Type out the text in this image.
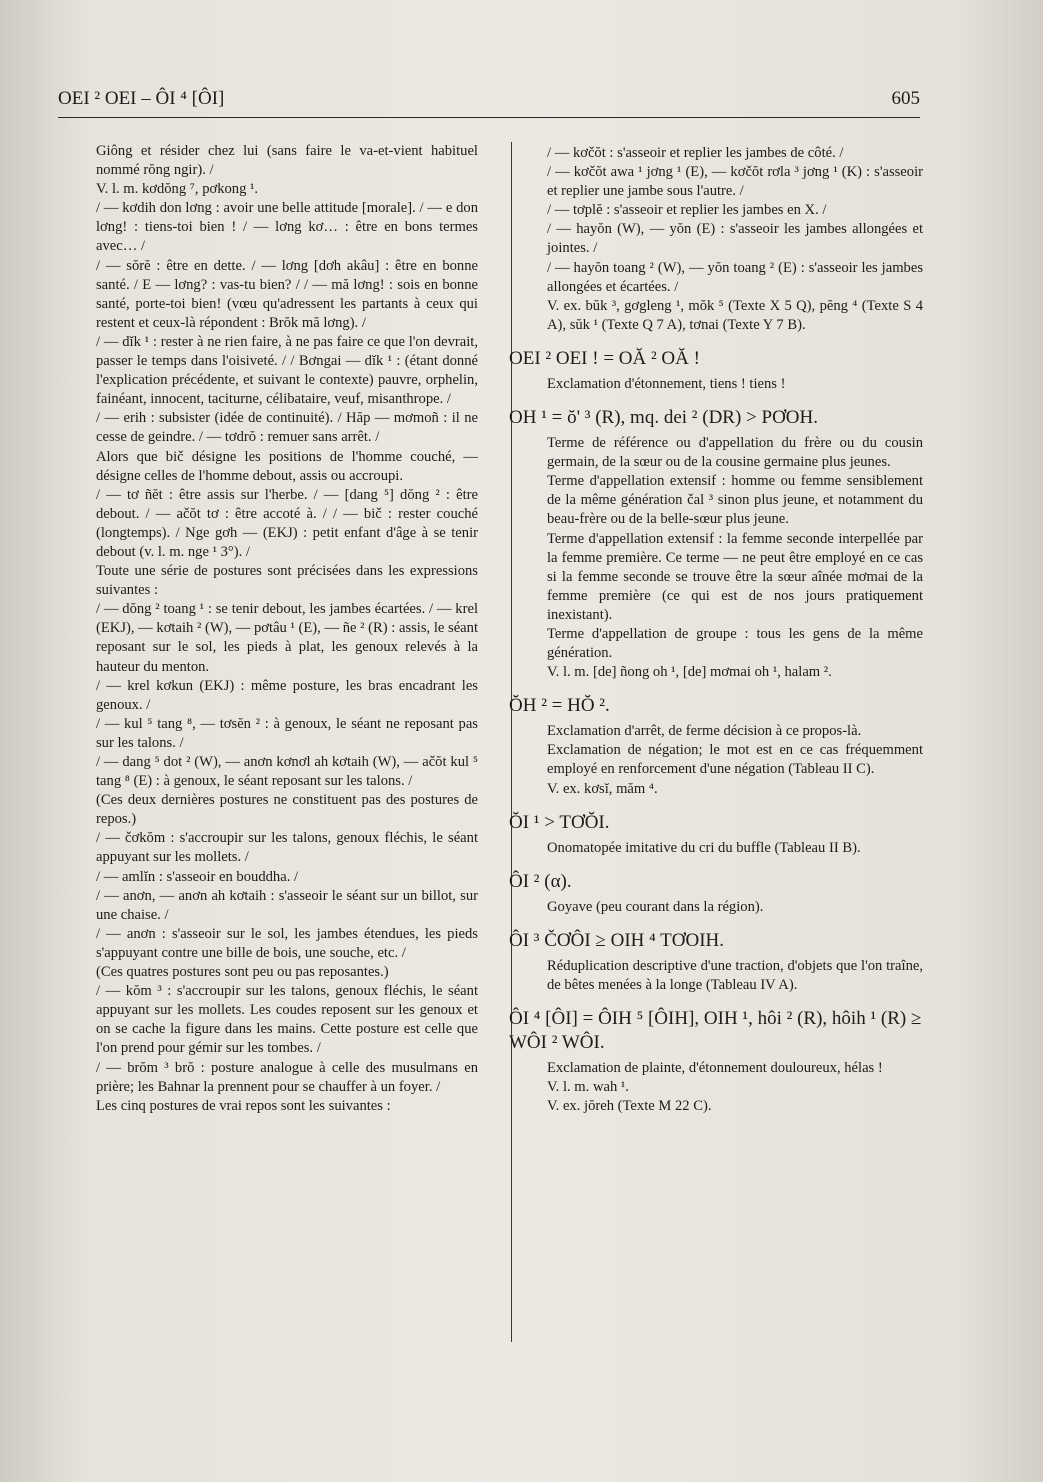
OEI ² OEI – ÔI ⁴ [ÔI]	605

Giông et résider chez lui (sans faire le va-et-vient habituel nommé rŏng ngir). /

V. l. m. kơdŏng ⁷, pơkong ¹.

/ — kơdih don lơng : avoir une belle attitude [morale]. / — e don lơng! : tiens-toi bien ! / — lơng kơ… : être en bons termes avec… /

/ — sŏrĕ : être en dette. / — lơng [dơh akâu] : être en bonne santé. / E — lơng? : vas-tu bien? / / — mă lơng! : sois en bonne santé, porte-toi bien! (vœu qu'adressent les partants à ceux qui restent et ceux-là répondent : Brŏk mă lơng). /

/ — dĭk ¹ : rester à ne rien faire, à ne pas faire ce que l'on devrait, passer le temps dans l'oisiveté. / / Bơngai — dĭk ¹ : (étant donné l'explication précédente, et suivant le contexte) pauvre, orphelin, fainéant, innocent, taciturne, célibataire, veuf, misanthrope. /

/ — erih : subsister (idée de continuité). / Hăp — mơmoñ : il ne cesse de geindre. / — tơdrŏ : remuer sans arrêt. /

Alors que bič désigne les positions de l'homme couché, — désigne celles de l'homme debout, assis ou accroupi.

/ — tơ ñĕt : être assis sur l'herbe. / — [dang ⁵] dŏng ² : être debout. / — ačŏt tơ : être accoté à. / / — bič : rester couché (longtemps). / Nge gơh — (EKJ) : petit enfant d'âge à se tenir debout (v. l. m. nge ¹ 3°). /

Toute une série de postures sont précisées dans les expressions suivantes :

/ — dŏng ² toang ¹ : se tenir debout, les jambes écartées. / — krel (EKJ), — kơtaih ² (W), — pơtâu ¹ (E), — ñe ² (R) : assis, le séant reposant sur le sol, les pieds à plat, les genoux relevés à la hauteur du menton.

/ — krel kơkun (EKJ) : même posture, les bras encadrant les genoux. /

/ — kul ⁵ tang ⁸, — tơsĕn ² : à genoux, le séant ne reposant pas sur les talons. /

/ — dang ⁵ dot ² (W), — anơn kơnơl ah kơtaih (W), — ačŏt kul ⁵ tang ⁸ (E) : à genoux, le séant reposant sur les talons. /

(Ces deux dernières postures ne constituent pas des postures de repos.)

/ — čơkŏm : s'accroupir sur les talons, genoux fléchis, le séant appuyant sur les mollets. /

/ — amlĭn : s'asseoir en bouddha. /

/ — anơn, — anơn ah kơtaih : s'asseoir le séant sur un billot, sur une chaise. /

/ — anơn : s'asseoir sur le sol, les jambes étendues, les pieds s'appuyant contre une bille de bois, une souche, etc. /

(Ces quatres postures sont peu ou pas reposantes.)

/ — kŏm ³ : s'accroupir sur les talons, genoux fléchis, le séant appuyant sur les mollets. Les coudes reposent sur les genoux et on se cache la figure dans les mains. Cette posture est celle que l'on prend pour gémir sur les tombes. /

/ — brŏm ³ brŏ : posture analogue à celle des musulmans en prière; les Bahnar la prennent pour se chauffer à un foyer. /

Les cinq postures de vrai repos sont les suivantes :

/ — kơčŏt : s'asseoir et replier les jambes de côté. /

/ — kơčŏt awa ¹ jơng ¹ (E), — kơčŏt rơla ³ jơng ¹ (K) : s'asseoir et replier une jambe sous l'autre. /

/ — tơplĕ : s'asseoir et replier les jambes en X. /

/ — hayŏn (W), — yŏn (E) : s'asseoir les jambes allongées et jointes. /

/ — hayŏn toang ² (W), — yŏn toang ² (E) : s'asseoir les jambes allongées et écartées. /

V. ex. bŭk ³, gơgleng ¹, mŏk ⁵ (Texte X 5 Q), pĕng ⁴ (Texte S 4 A), sŭk ¹ (Texte Q 7 A), tơnai (Texte Y 7 B).

OEI ² OEI ! = OĂ ² OĂ !

Exclamation d'étonnement, tiens ! tiens !

OH ¹ = ŏ' ³ (R), mq. dei ² (DR) > PƠOH.

Terme de référence ou d'appellation du frère ou du cousin germain, de la sœur ou de la cousine germaine plus jeunes.

Terme d'appellation extensif : homme ou femme sensiblement de la même génération čal ³ sinon plus jeune, et notamment du beau-frère ou de la belle-sœur plus jeune.

Terme d'appellation extensif : la femme seconde interpellée par la femme première. Ce terme — ne peut être employé en ce cas si la femme seconde se trouve être la sœur aînée mơmai de la femme première (ce qui est de nos jours pratiquement inexistant).

Terme d'appellation de groupe : tous les gens de la même génération.

V. l. m. [de] ñong oh ¹, [de] mơmai oh ¹, halam ².

ŎH ² = HŎ ².

Exclamation d'arrêt, de ferme décision à ce propos-là.

Exclamation de négation; le mot est en ce cas fréquemment employé en renforcement d'une négation (Tableau II C).

V. ex. kơsĭ, măm ⁴.

ŎI ¹ > TƠŎI.

Onomatopée imitative du cri du buffle (Tableau II B).

ÔI ² (α).

Goyave (peu courant dans la région).

ÔI ³ ČƠÔI ≥ OIH ⁴ TƠOIH.

Réduplication descriptive d'une traction, d'objets que l'on traîne, de bêtes menées à la longe (Tableau IV A).

ÔI ⁴ [ÔI] = ÔIH ⁵ [ÔIH], OIH ¹, hôi ² (R), hôih ¹ (R) ≥ WÔI ² WÔI.

Exclamation de plainte, d'étonnement douloureux, hélas !

V. l. m. wah ¹.

V. ex. jŏreh (Texte M 22 C).
